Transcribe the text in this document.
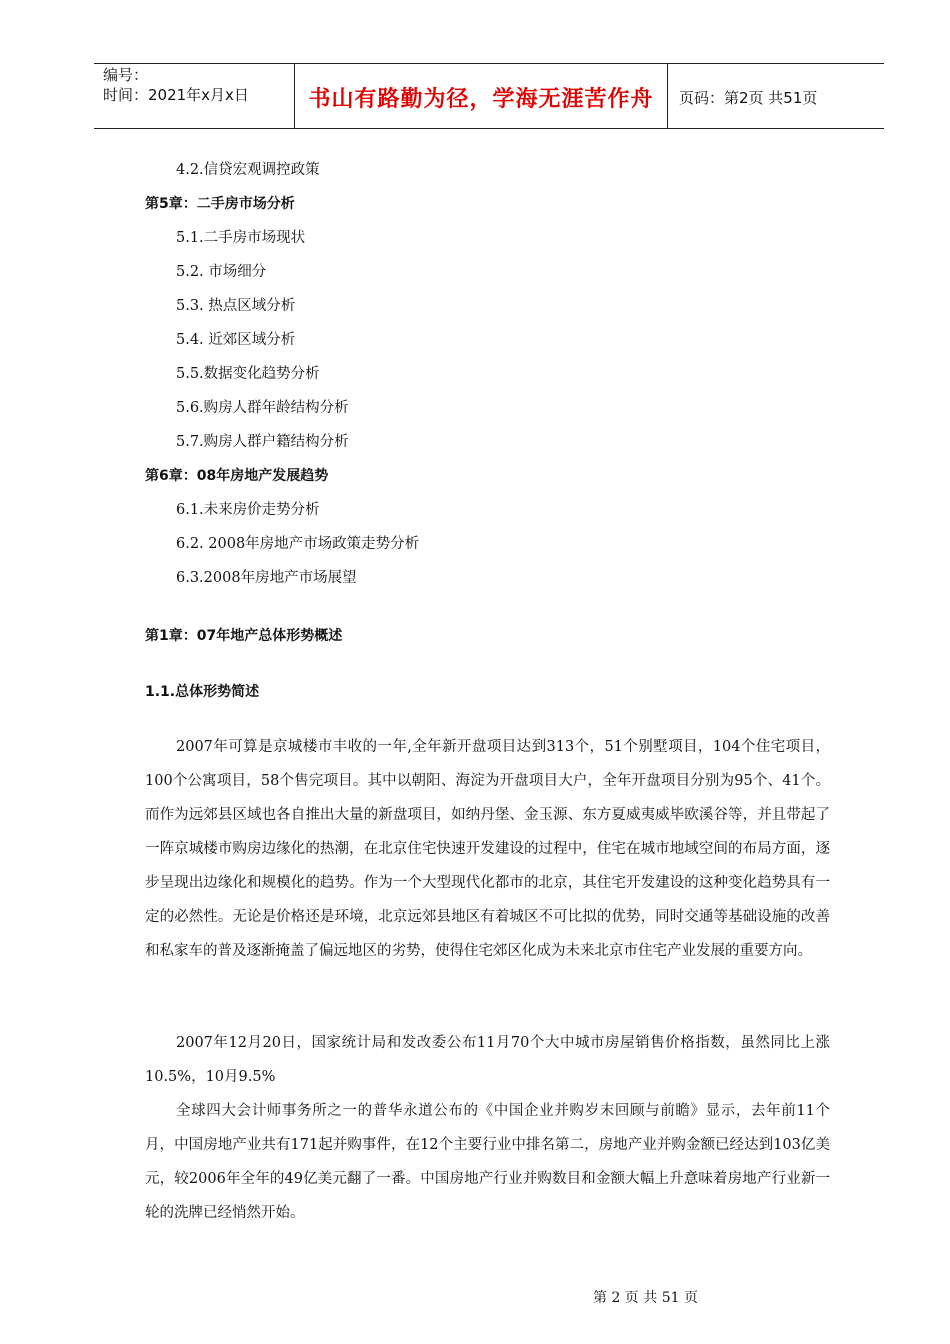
编号：
时间：2021年x月x日	书山有路勤为径，学海无涯苦作舟	页码：第2页 共51页
4.2.信贷宏观调控政策
第5章：二手房市场分析
5.1.二手房市场现状
5.2. 市场细分
5.3. 热点区域分析
5.4. 近郊区域分析
5.5.数据变化趋势分析
5.6.购房人群年龄结构分析
5.7.购房人群户籍结构分析
第6章：08年房地产发展趋势
6.1.未来房价走势分析
6.2. 2008年房地产市场政策走势分析
6.3.2008年房地产市场展望
第1章：07年地产总体形势概述
1.1.总体形势简述
2007年可算是京城楼市丰收的一年,全年新开盘项目达到313个，51个别墅项目，104个住宅项目，100个公寓项目，58个售完项目。其中以朝阳、海淀为开盘项目大户，全年开盘项目分别为95个、41个。而作为远郊县区域也各自推出大量的新盘项目，如纳丹堡、金玉源、东方夏威夷威毕欧溪谷等，并且带起了一阵京城楼市购房边缘化的热潮，在北京住宅快速开发建设的过程中，住宅在城市地域空间的布局方面，逐步呈现出边缘化和规模化的趋势。作为一个大型现代化都市的北京，其住宅开发建设的这种变化趋势具有一定的必然性。无论是价格还是环境，北京远郊县地区有着城区不可比拟的优势，同时交通等基础设施的改善和私家车的普及逐渐掩盖了偏远地区的劣势，使得住宅郊区化成为未来北京市住宅产业发展的重要方向。
2007年12月20日，国家统计局和发改委公布11月70个大中城市房屋销售价格指数，虽然同比上涨10.5%，10月9.5%
全球四大会计师事务所之一的普华永道公布的《中国企业并购岁末回顾与前瞻》显示，去年前11个月，中国房地产业共有171起并购事件，在12个主要行业中排名第二，房地产业并购金额已经达到103亿美元，较2006年全年的49亿美元翻了一番。中国房地产行业并购数目和金额大幅上升意味着房地产行业新一轮的洗牌已经悄然开始。
第 2 页 共 51 页
